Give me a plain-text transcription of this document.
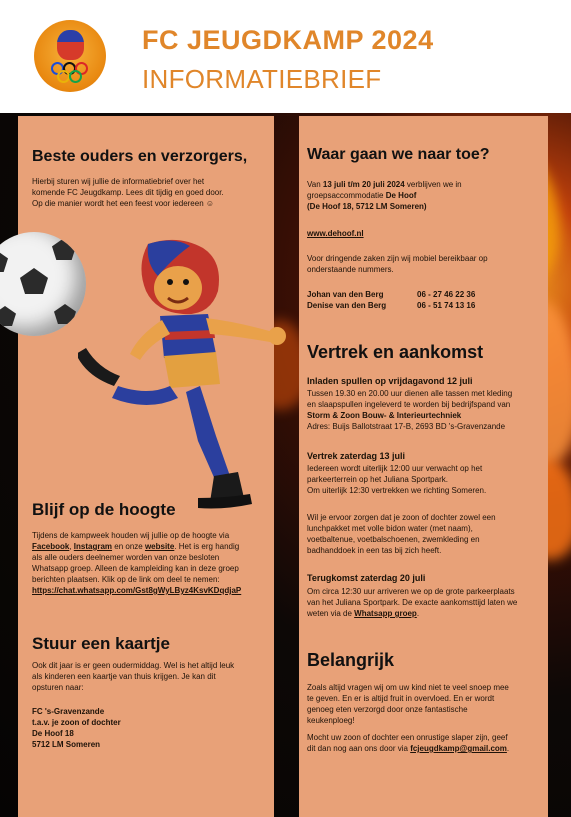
FC JEUGDKAMP 2024
INFORMATIEBRIEF
Beste ouders en verzorgers,
Hierbij sturen wij jullie de informatiebrief over het
komende FC Jeugdkamp. Lees dit tijdig en goed door.
Op die manier wordt het een feest voor iedereen ☺
Blijf op de hoogte
Tijdens de kampweek houden wij jullie op de hoogte via
Facebook, Instagram en onze website. Het is erg handig
als alle ouders deelnemer worden van onze besloten
Whatsapp groep. Alleen de kampleiding kan in deze groep
berichten plaatsen. Klik op de link om deel te nemen:
https://chat.whatsapp.com/Gst8gWyLByz4KsvKDqdjaP
Stuur een kaartje
Ook dit jaar is er geen oudermiddag. Wel is het altijd leuk
als kinderen een kaartje van thuis krijgen. Je kan dit
opsturen naar:
FC 's-Gravenzande
t.a.v. je zoon of dochter
De Hoof 18
5712 LM Someren
Waar gaan we naar toe?
Van 13 juli t/m 20 juli 2024 verblijven we in
groepsaccommodatie De Hoof
(De Hoof 18, 5712 LM Someren)
www.dehoof.nl
Voor dringende zaken zijn wij mobiel bereikbaar op
onderstaande nummers.
Johan van den Berg	06 - 27 46 22 36
Denise van den Berg	06 - 51 74 13 16
Vertrek en aankomst
Inladen spullen op vrijdagavond 12 juli
Tussen 19.30 en 20.00 uur dienen alle tassen met kleding
en slaapspullen ingeleverd te worden bij bedrijfspand van
Storm & Zoon Bouw- & Interieurtechniek
Adres: Buijs Ballotstraat 17-B, 2693 BD 's-Gravenzande
Vertrek zaterdag 13 juli
Iedereen wordt uiterlijk 12:00 uur verwacht op het
parkeerterrein op het Juliana Sportpark.
Om uiterlijk 12:30 vertrekken we richting Someren.
Wil je ervoor zorgen dat je zoon of dochter zowel een
lunchpakket met volle bidon water (met naam),
voetbaltenue, voetbalschoenen, zwemkleding en
badhanddoek in een tas bij zich heeft.
Terugkomst zaterdag 20 juli
Om circa 12:30 uur arriveren we op de grote parkeerplaats
van het Juliana Sportpark. De exacte aankomsttijd laten we
weten via de Whatsapp groep.
Belangrijk
Zoals altijd vragen wij om uw kind niet te veel snoep mee
te geven. En er is altijd fruit in overvloed. En er wordt
genoeg eten verzorgd door onze fantastische
keukenploeg!
Mocht uw zoon of dochter een onrustige slaper zijn, geef
dit dan nog aan ons door via fcjeugdkamp@gmail.com.
